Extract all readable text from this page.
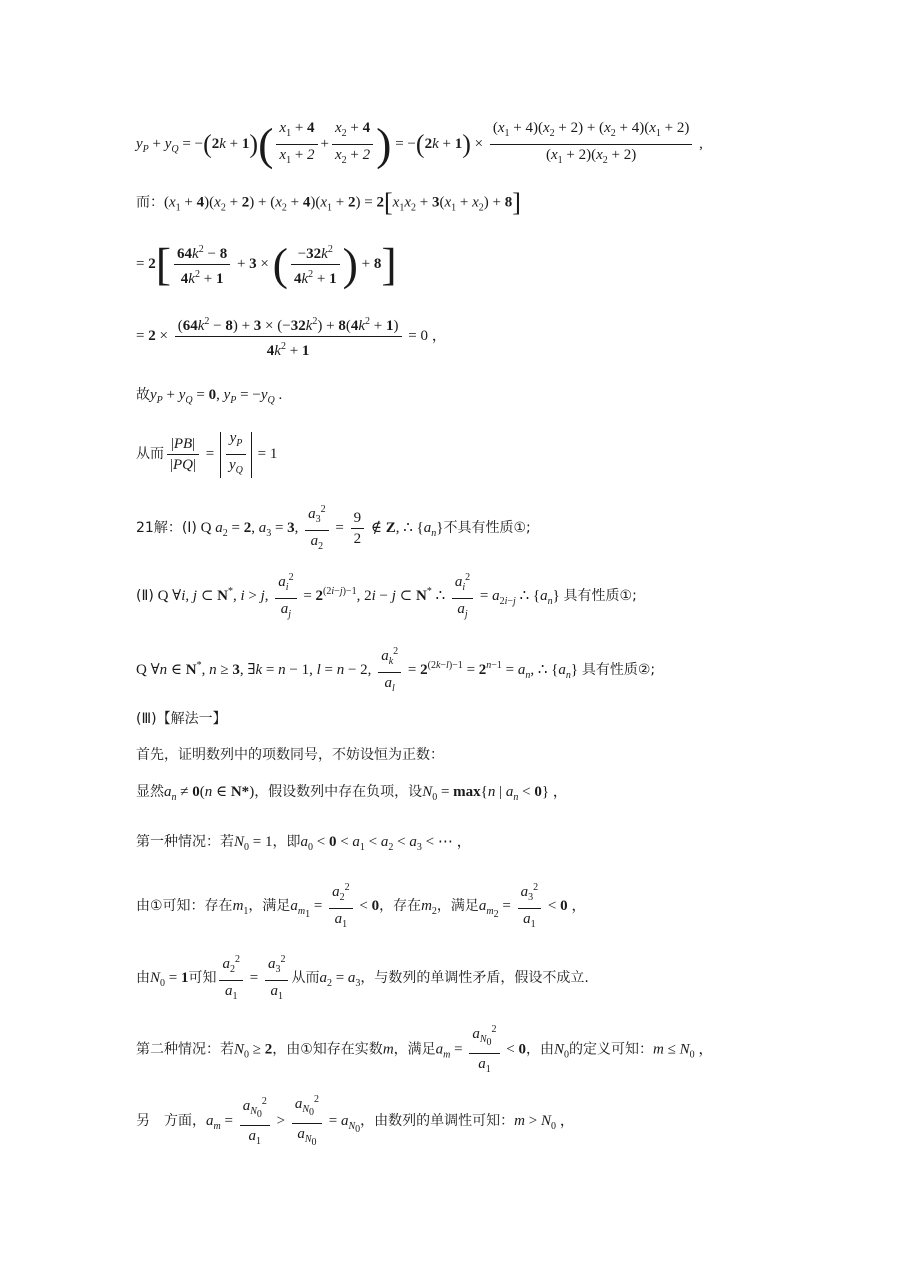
$y_P + y_Q = -(2k + 1)( \frac{x_1 + 4}{x_1 + 2} + \frac{x_2 + 4}{x_2 + 2}$ ) = $-(2k + 1) \times \frac{(x_1 + 4)(x_2 + 2) + (x_2 + 4)(x_1 + 2)}{(x_1 + 2)(x_2 + 2)}$ ,
而：$(x_1 + 4)(x_2 + 2) + (x_2 + 4)(x_1 + 2) = 2[x_1x_2 + 3(x_1 + x_2) + 8]$
= $2[ \frac{64k^2 - 8}{4k^2 + 1} + 3$ × ( $\frac{-32k^2}{4k^2 + 1}$ ) + 8]
= $2 \times \frac{(64k^2 - 8) + 3 \times (-32k^2) + 8(4k^2 + 1)}{4k^2 + 1} = 0$ ，
故$y_P + y_Q = 0$, $y_P = -y_Q$ .
从而 $\frac{|PB|}{|PQ|} = \frac{y_P}{y_Q} = 1$
21解：(Ⅰ) Q $a_2 = 2$, $a_3 = 3$, $\frac{a_3^2}{a_2} = \frac{9}{2}$ ∉ Z, ∴ $\{a_n\}$不具有性质①;
(Ⅱ) Q ∀i, j ⊂ N*, i > j, $\frac{a_i^2}{a_j} = 2^{(2i-j)-1}$, 2i − j ⊂ N* ∴ $\frac{a_i^2}{a_j} = a_{2i-j}$ ∴ $\{a_n\}$ 具有性质①;
Q ∀n ∈ N*, n ≥ 3, ∃k = n − 1, l = n − 2, $\frac{a_k^2}{a_l} = 2^{(2k-l)-1} = 2^{n-1} = a_n$, ∴ $\{a_n\}$ 具有性质②;
(Ⅲ)【解法一】
首先，证明数列中的项数同号，不妨设恒为正数：
显然$a_n \ne 0(n$ ∈ N*)，假设数列中存在负项，设$N_0 = \max\{n$ | $a_n < 0$} ，
第一种情况：若$N_0 = 1$，即$a_0 < 0 < a_1 < a_2 < a_3$ < ⋯ ，
由①可知：存在$m_1$，满足$a_{m_1} = \frac{a_2^2}{a_1} < 0$，存在$m_2$，满足$a_{m_2} = \frac{a_3^2}{a_1} < 0$ ，
由$N_0 = 1$可知 $\frac{a_2^2}{a_1} = \frac{a_3^2}{a_1}$ 从而$a_2 = a_3$，与数列的单调性矛盾，假设不成立.
第二种情况：若$N_0 \ge 2$，由①知存在实数m，满足$a_m = \frac{a_{N_0}^2}{a_1} < 0$，由$N_0$的定义可知：$m \le N_0$ ，
另　方面，$a_m = \frac{a_{N_0}^2}{a_1} > \frac{a_{N_0}^2}{a_{N_0}} = a_{N_0}$，由数列的单调性可知：$m > N_0$ ，
